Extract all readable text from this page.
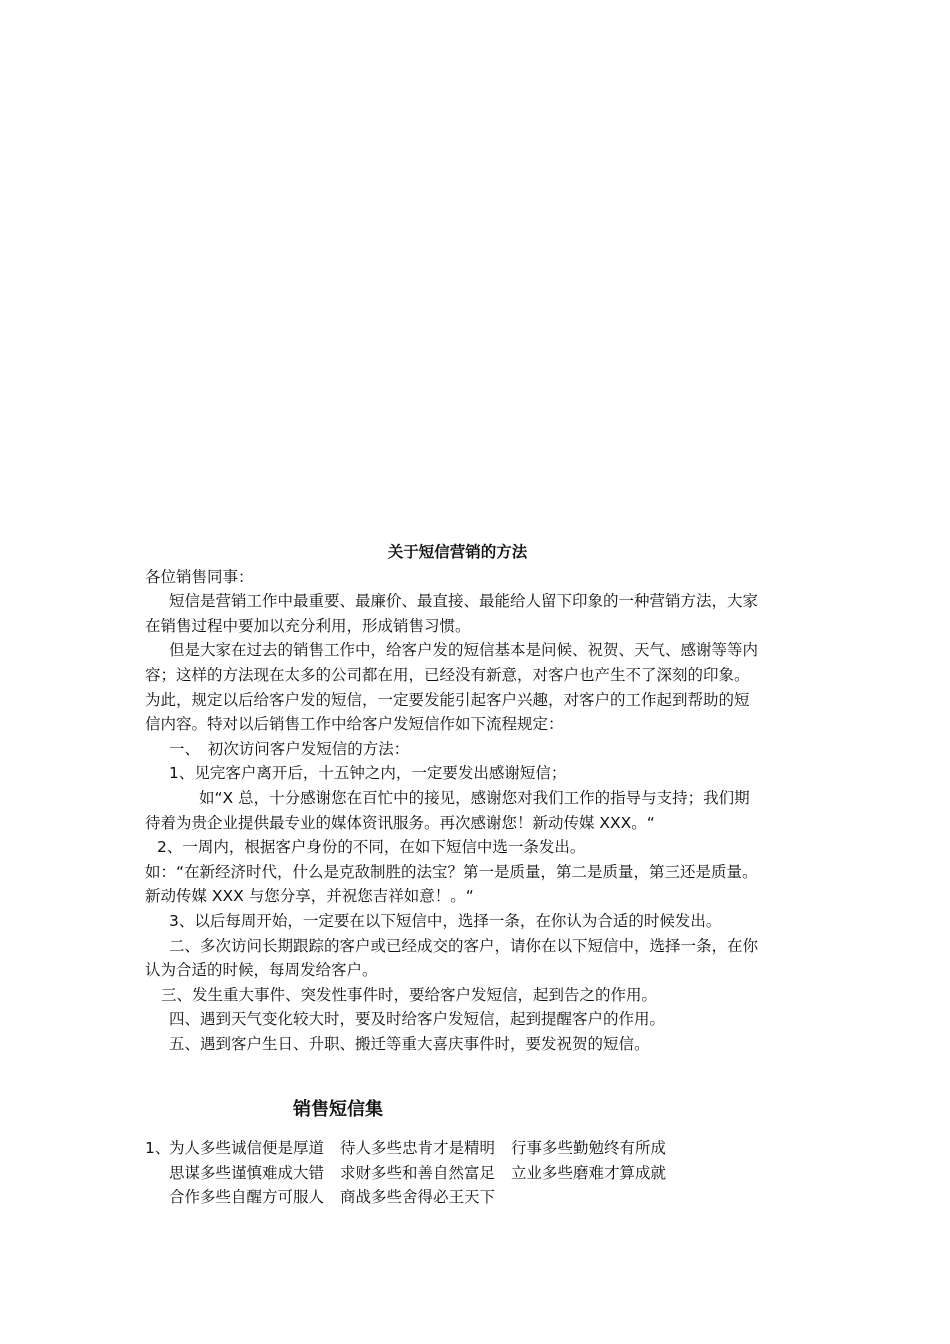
关于短信营销的方法
各位销售同事：
短信是营销工作中最重要、最廉价、最直接、最能给人留下印象的一种营销方法，大家
在销售过程中要加以充分利用，形成销售习惯。
但是大家在过去的销售工作中，给客户发的短信基本是问候、祝贺、天气、感谢等等内
容；这样的方法现在太多的公司都在用，已经没有新意，对客户也产生不了深刻的印象。
为此，规定以后给客户发的短信，一定要发能引起客户兴趣，对客户的工作起到帮助的短
信内容。特对以后销售工作中给客户发短信作如下流程规定：
一、　初次访问客户发短信的方法：
1、见完客户离开后，十五钟之内，一定要发出感谢短信；
如“X 总，十分感谢您在百忙中的接见，感谢您对我们工作的指导与支持；我们期
待着为贵企业提供最专业的媒体资讯服务。再次感谢您！新动传媒 XXX。“
2、一周内，根据客户身份的不同，在如下短信中选一条发出。
如：“在新经济时代，什么是克敌制胜的法宝？第一是质量，第二是质量，第三还是质量。
新动传媒 XXX 与您分享，并祝您吉祥如意！。“
3、以后每周开始，一定要在以下短信中，选择一条，在你认为合适的时候发出。
二、多次访问长期跟踪的客户或已经成交的客户，请你在以下短信中，选择一条，在你
认为合适的时候，每周发给客户。
三、发生重大事件、突发性事件时，要给客户发短信，起到告之的作用。
四、遇到天气变化较大时，要及时给客户发短信，起到提醒客户的作用。
五、遇到客户生日、升职、搬迁等重大喜庆事件时，要发祝贺的短信。
销售短信集
1、
为人多些诚信便是厚道 待人多些忠肯才是精明 行事多些勤勉终有所成
思谋多些谨慎难成大错 求财多些和善自然富足 立业多些磨难才算成就
合作多些自醒方可服人 商战多些舍得必王天下
